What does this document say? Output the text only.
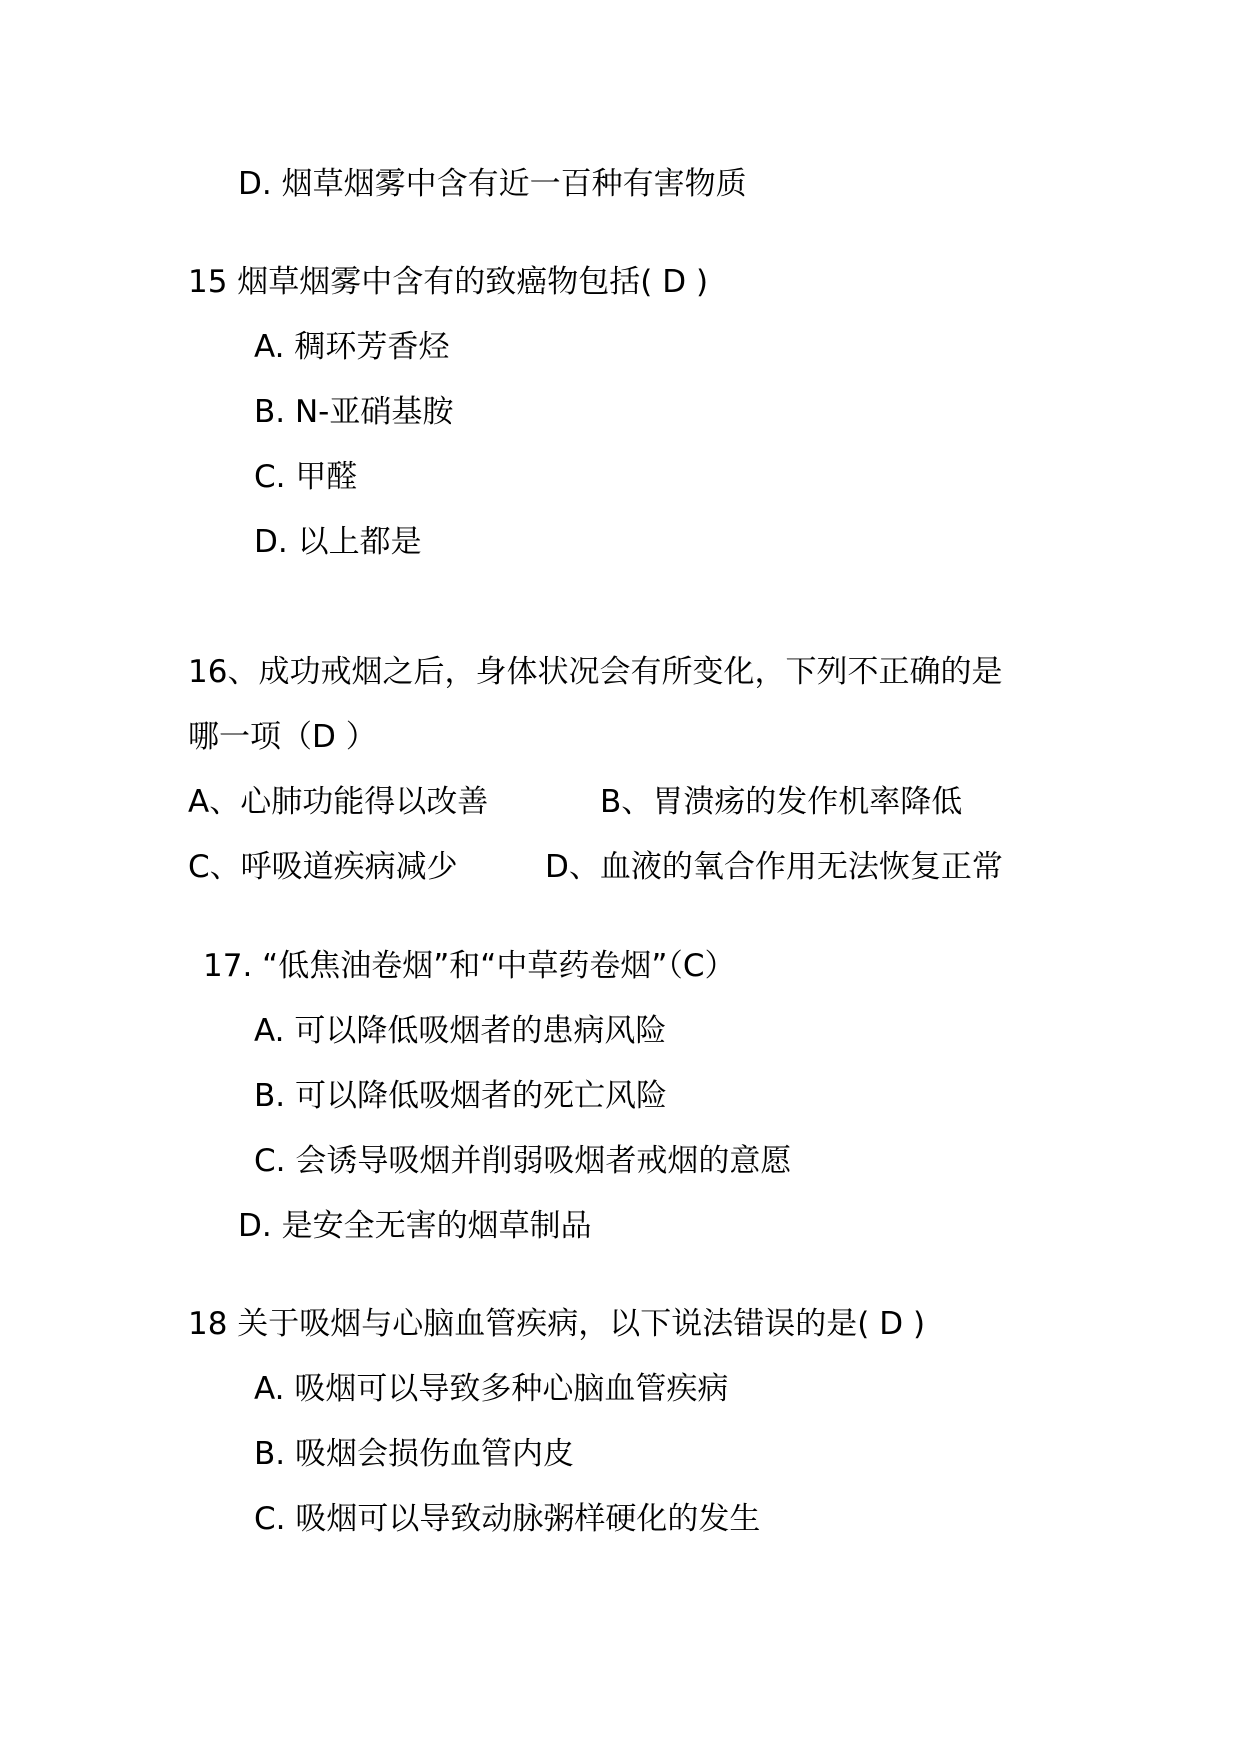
D. 烟草烟雾中含有近一百种有害物质
15 烟草烟雾中含有的致癌物包括( D )
A. 稠环芳香烃
B. N-亚硝基胺
C. 甲醛
D. 以上都是
16、成功戒烟之后，身体状况会有所变化，下列不正确的是
哪一项（D ）
A、心肺功能得以改善	B、胃溃疡的发作机率降低
C、呼吸道疾病减少	D、血液的氧合作用无法恢复正常
17. “低焦油卷烟”和“中草药卷烟”（C）
A. 可以降低吸烟者的患病风险
B. 可以降低吸烟者的死亡风险
C. 会诱导吸烟并削弱吸烟者戒烟的意愿
D. 是安全无害的烟草制品
18 关于吸烟与心脑血管疾病，以下说法错误的是( D )
A. 吸烟可以导致多种心脑血管疾病
B. 吸烟会损伤血管内皮
C. 吸烟可以导致动脉粥样硬化的发生
